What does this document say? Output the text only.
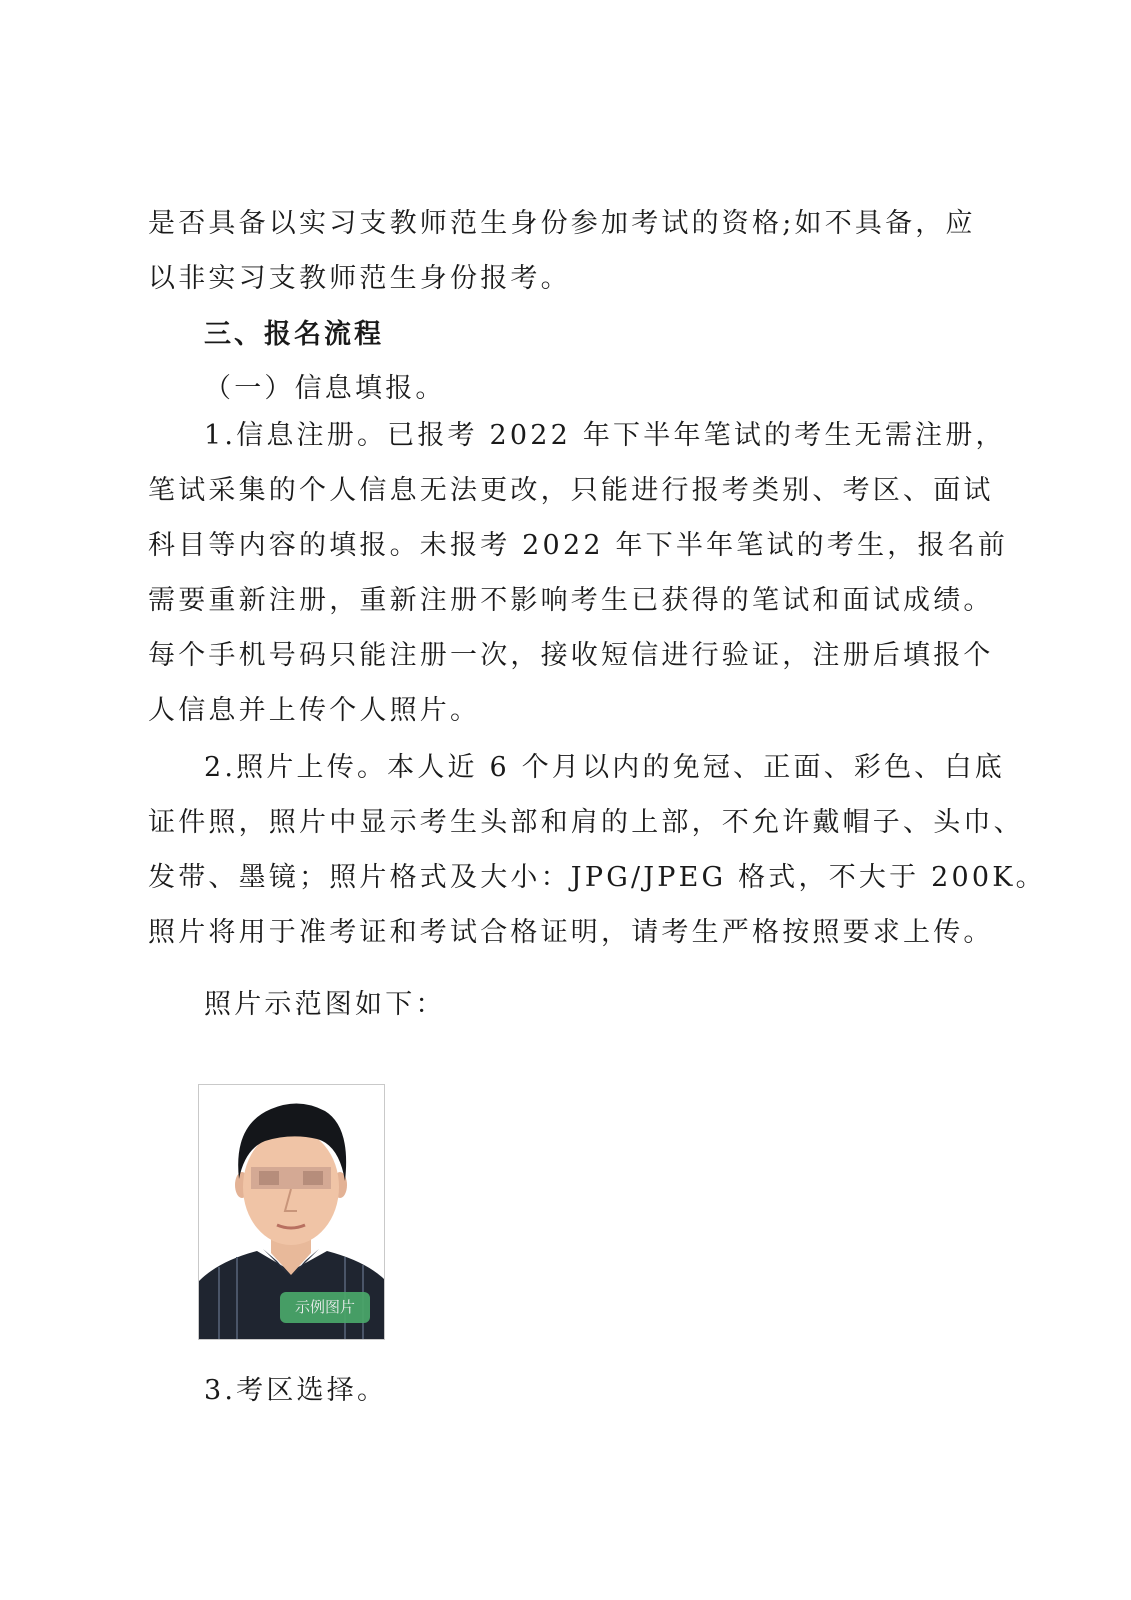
是否具备以实习支教师范生身份参加考试的资格;如不具备，应
以非实习支教师范生身份报考。
三、报名流程
（一）信息填报。
1.信息注册。已报考 2022 年下半年笔试的考生无需注册，
笔试采集的个人信息无法更改，只能进行报考类别、考区、面试
科目等内容的填报。未报考 2022 年下半年笔试的考生，报名前
需要重新注册，重新注册不影响考生已获得的笔试和面试成绩。
每个手机号码只能注册一次，接收短信进行验证，注册后填报个
人信息并上传个人照片。
2.照片上传。本人近 6 个月以内的免冠、正面、彩色、白底
证件照，照片中显示考生头部和肩的上部，不允许戴帽子、头巾、
发带、墨镜；照片格式及大小：JPG/JPEG 格式，不大于 200K。
照片将用于准考证和考试合格证明，请考生严格按照要求上传。
照片示范图如下：
示例图片
3.考区选择。
